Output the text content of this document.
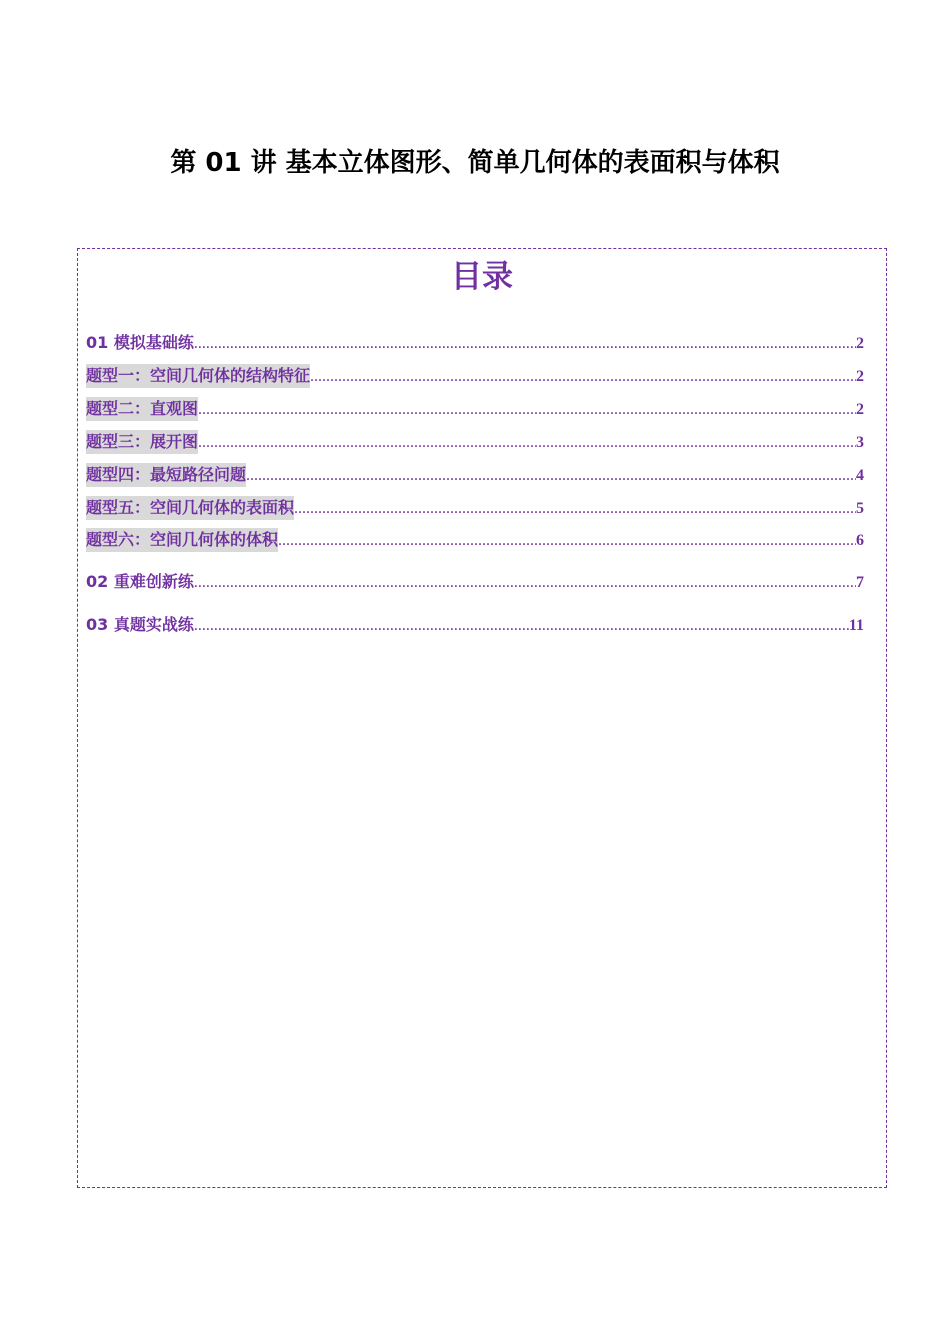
第 01 讲 基本立体图形、简单几何体的表面积与体积
目录
01 模拟基础练 .....	2
题型一：空间几何体的结构特征 .....	2
题型二：直观图 .....	2
题型三：展开图 .....	3
题型四：最短路径问题 .....	4
题型五：空间几何体的表面积 .....	5
题型六：空间几何体的体积 .....	6
02 重难创新练 .....	7
03 真题实战练 .....	11
